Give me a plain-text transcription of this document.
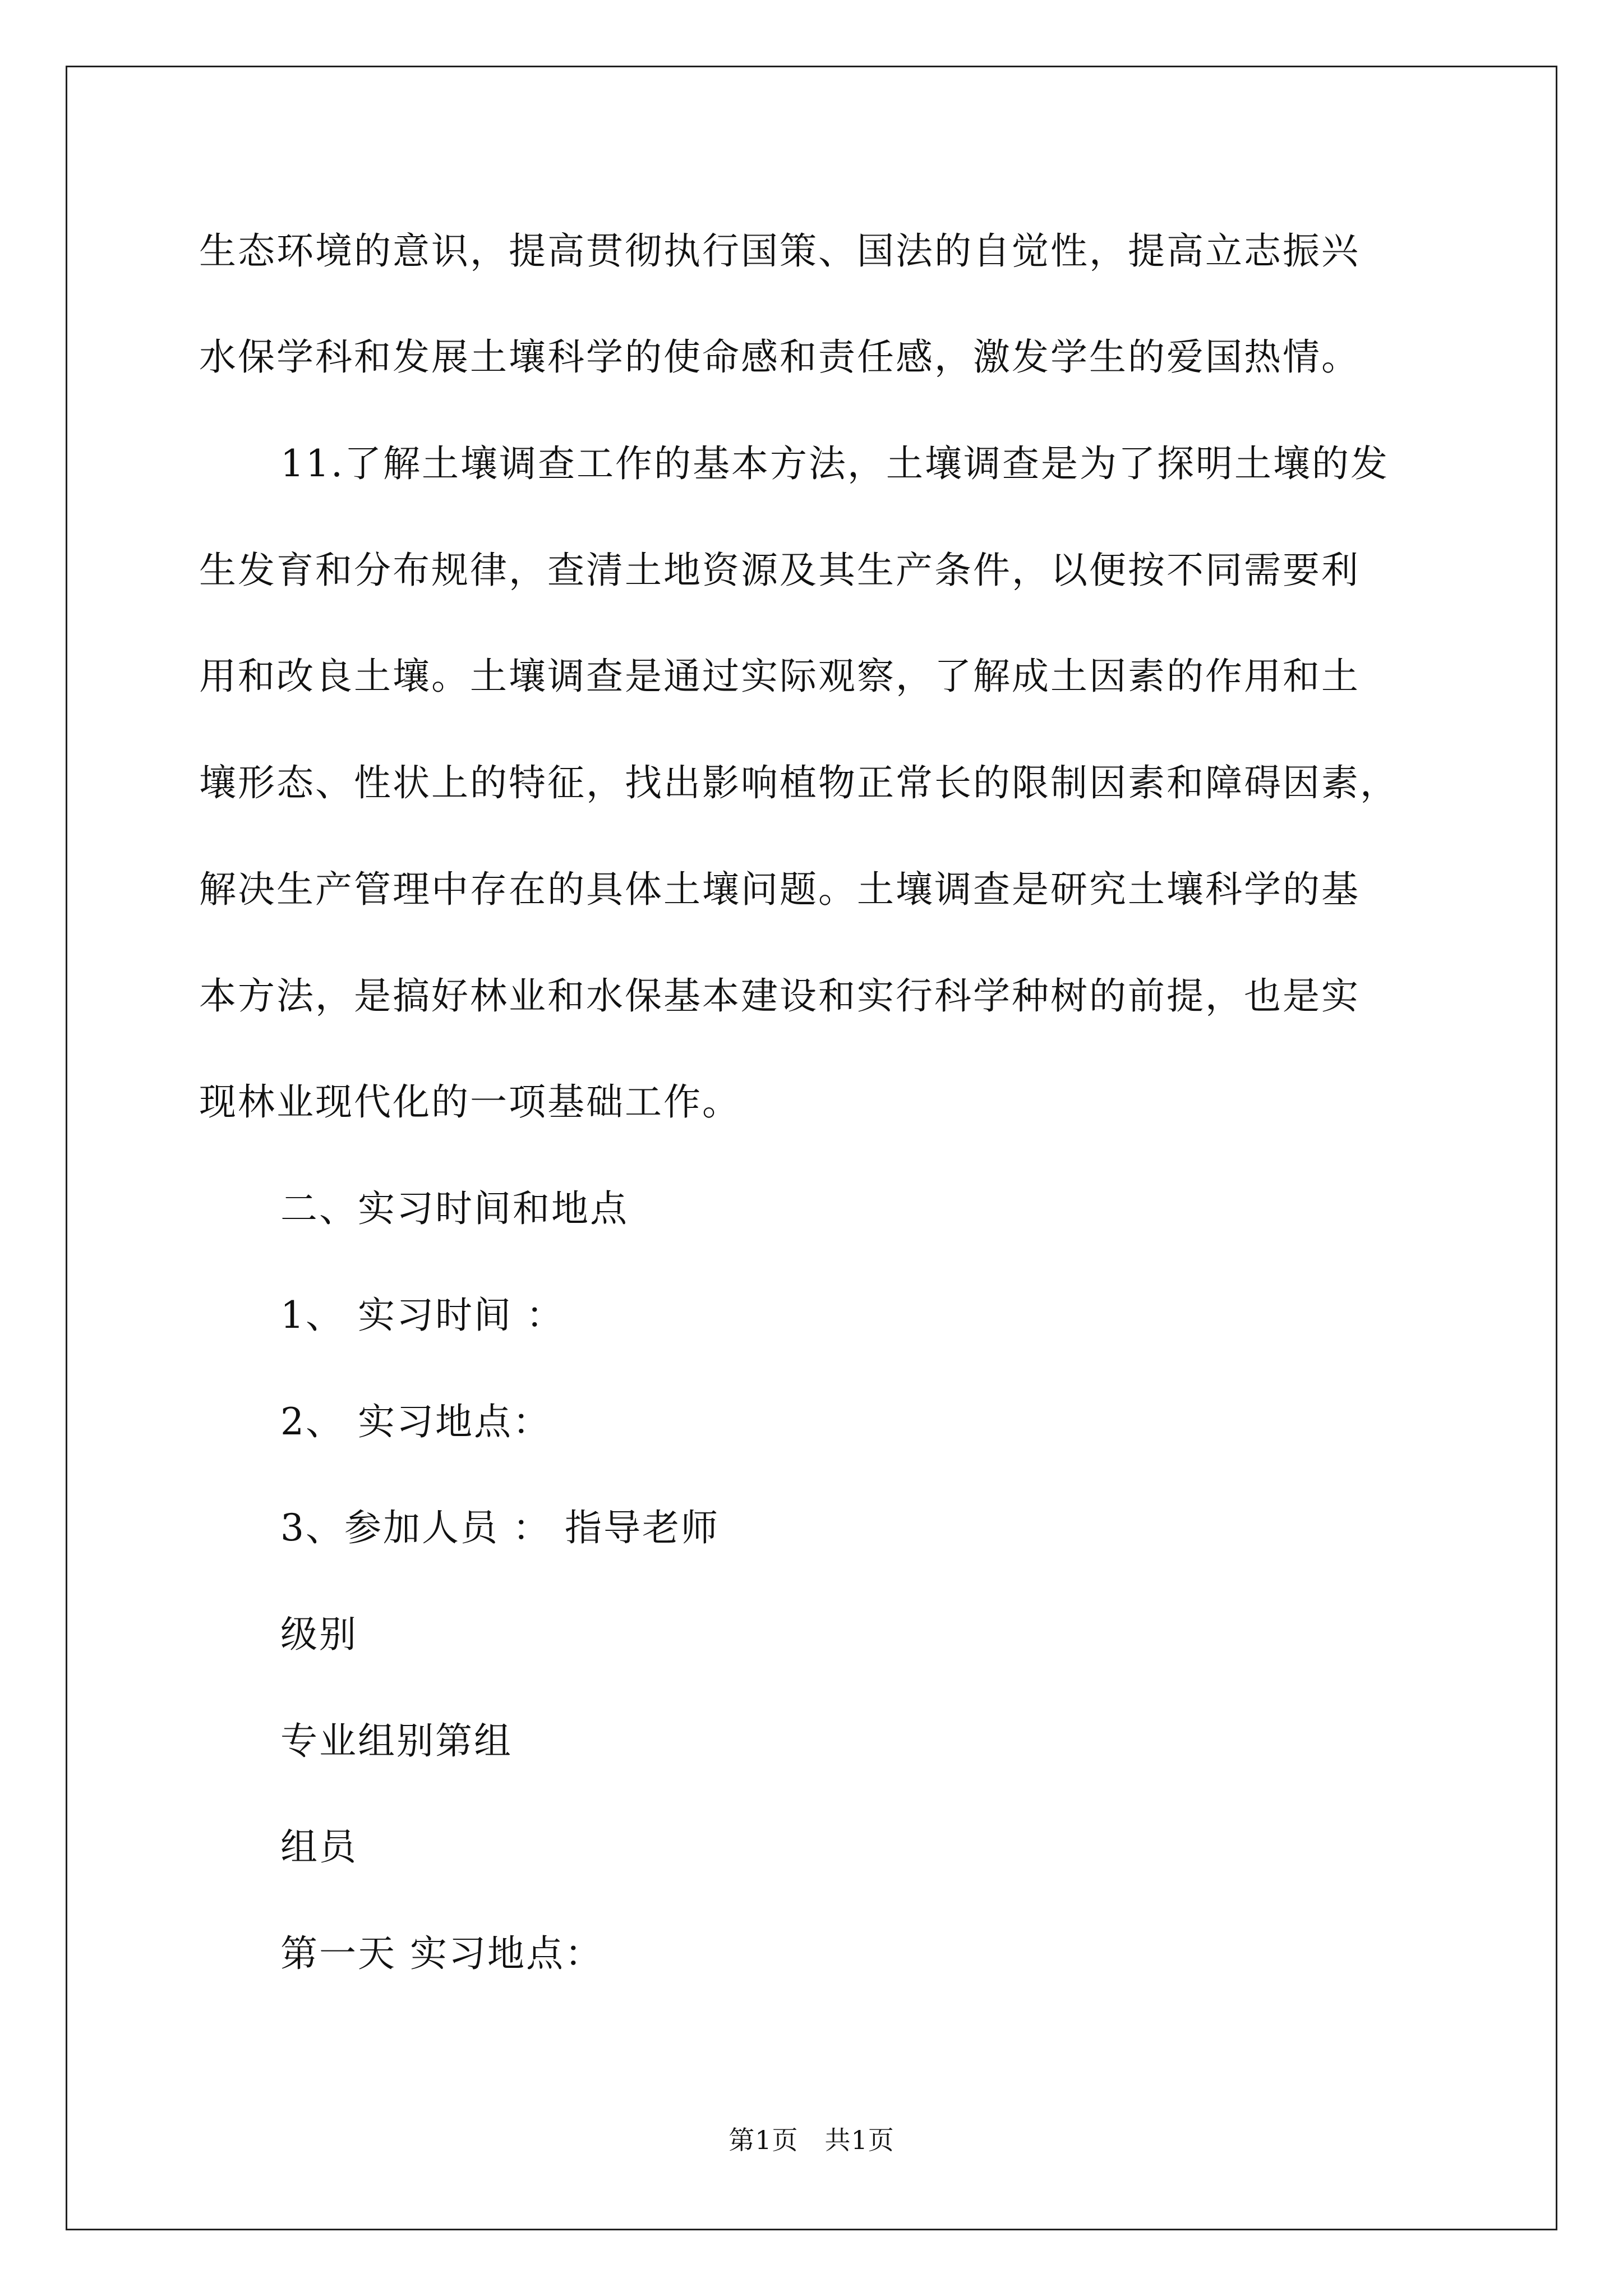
生态环境的意识，提高贯彻执行国策、国法的自觉性，提高立志振兴
水保学科和发展土壤科学的使命感和责任感，激发学生的爱国热情。
11.了解土壤调查工作的基本方法，土壤调查是为了探明土壤的发
生发育和分布规律，查清土地资源及其生产条件，以便按不同需要利
用和改良土壤。土壤调查是通过实际观察，了解成土因素的作用和土
壤形态、性状上的特征，找出影响植物正常长的限制因素和障碍因素，
解决生产管理中存在的具体土壤问题。土壤调查是研究土壤科学的基
本方法，是搞好林业和水保基本建设和实行科学种树的前提，也是实
现林业现代化的一项基础工作。
二、实习时间和地点
1、 实习时间 ：
2、 实习地点：
3、参加人员 ： 指导老师
级别
专业组别第组
组员
第一天 实习地点：
第1页　共1页
